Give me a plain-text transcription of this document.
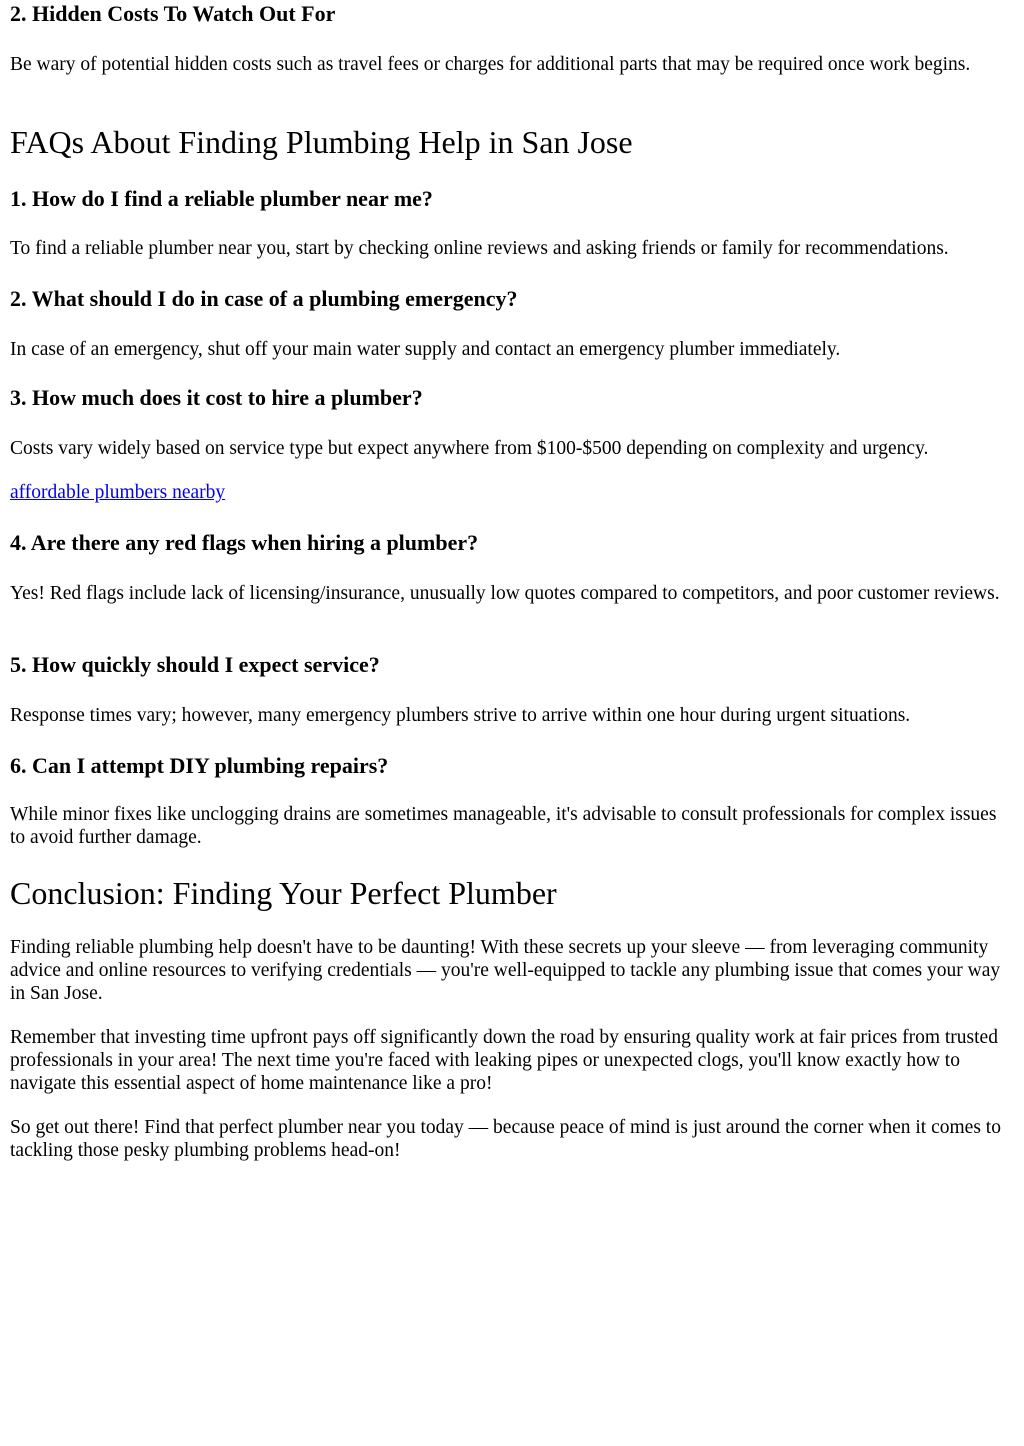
2. Hidden Costs To Watch Out For

Be wary of potential hidden costs such as travel fees or charges for additional parts that may be required once work begins.

FAQs About Finding Plumbing Help in San Jose
1. How do I find a reliable plumber near me?

To find a reliable plumber near you, start by checking online reviews and asking friends or family for recommendations.

2. What should I do in case of a plumbing emergency?

In case of an emergency, shut off your main water supply and contact an emergency plumber immediately.

3. How much does it cost to hire a plumber?

Costs vary widely based on service type but expect anywhere from $100-$500 depending on complexity and urgency.

affordable plumbers nearby
4. Are there any red flags when hiring a plumber?

Yes! Red flags include lack of licensing/insurance, unusually low quotes compared to competitors, and poor customer reviews.

5. How quickly should I expect service?

Response times vary; however, many emergency plumbers strive to arrive within one hour during urgent situations.

6. Can I attempt DIY plumbing repairs?

While minor fixes like unclogging drains are sometimes manageable, it's advisable to consult professionals for complex issues to avoid further damage.

Conclusion: Finding Your Perfect Plumber

Finding reliable plumbing help doesn't have to be daunting! With these secrets up your sleeve — from leveraging community advice and online resources to verifying credentials — you're well-equipped to tackle any plumbing issue that comes your way in San Jose.

Remember that investing time upfront pays off significantly down the road by ensuring quality work at fair prices from trusted professionals in your area! The next time you're faced with leaking pipes or unexpected clogs, you'll know exactly how to navigate this essential aspect of home maintenance like a pro!

So get out there! Find that perfect plumber near you today — because peace of mind is just around the corner when it comes to tackling those pesky plumbing problems head-on!
